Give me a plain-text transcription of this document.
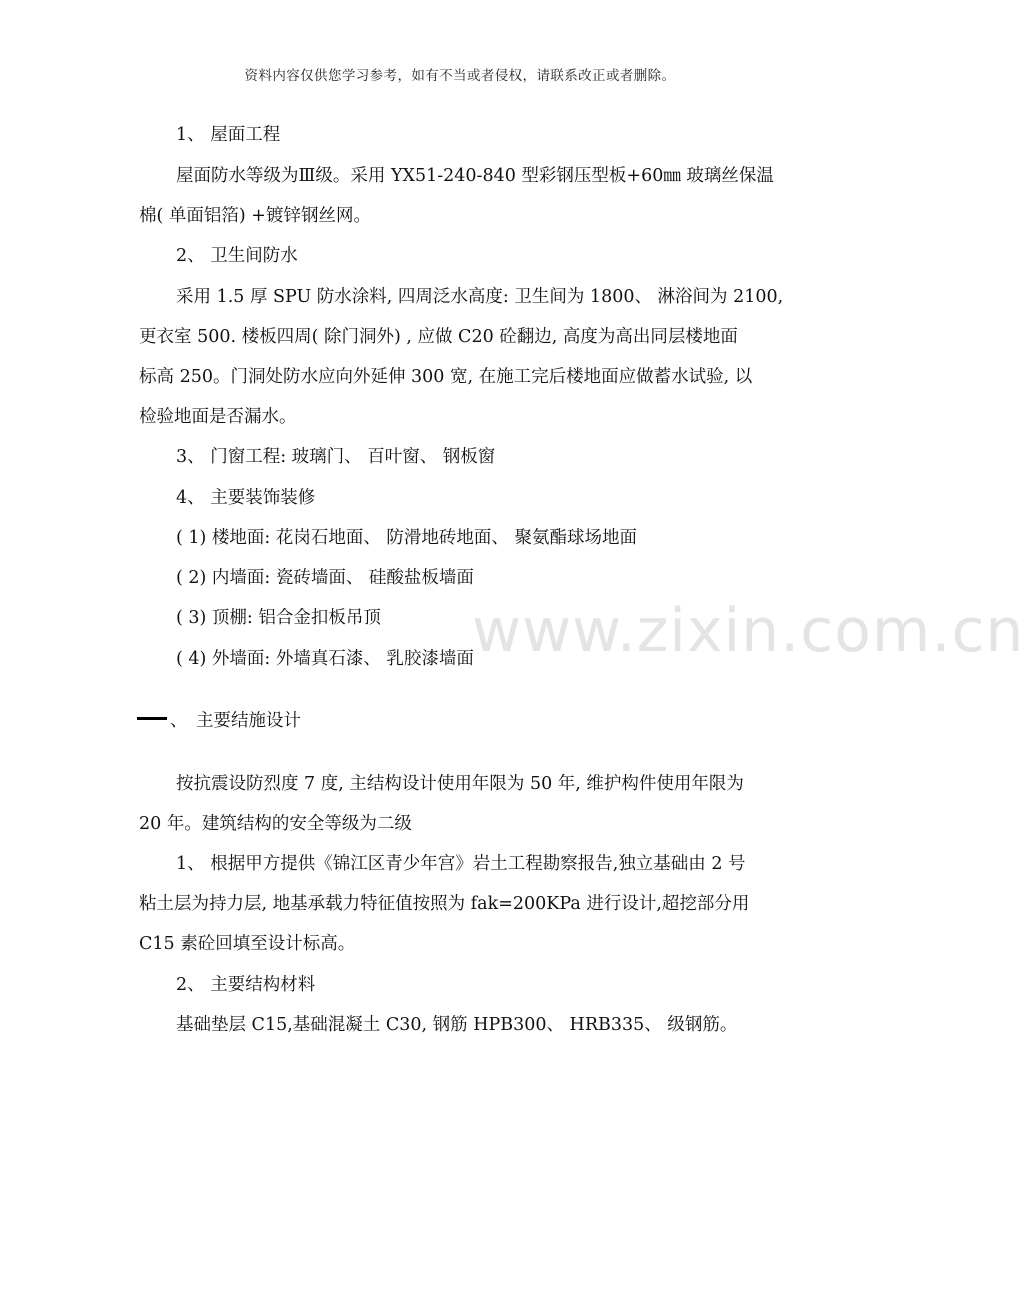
资料内容仅供您学习参考，如有不当或者侵权，请联系改正或者删除。
www.zixin.com.cn
1、 屋面工程
屋面防水等级为Ⅲ级。采用 YX51-240-840 型彩钢压型板+60㎜ 玻璃丝保温
棉( 单面铝箔) +镀锌钢丝网。
2、 卫生间防水
采用 1.5 厚 SPU 防水涂料, 四周泛水高度: 卫生间为 1800、 淋浴间为 2100,
更衣室 500. 楼板四周( 除门洞外) , 应做 C20 砼翻边, 高度为高出同层楼地面
标高 250。门洞处防水应向外延伸 300 宽, 在施工完后楼地面应做蓄水试验, 以
检验地面是否漏水。
3、 门窗工程: 玻璃门、 百叶窗、 钢板窗
4、 主要装饰装修
( 1) 楼地面: 花岗石地面、 防滑地砖地面、 聚氨酯球场地面
( 2) 内墙面: 瓷砖墙面、 硅酸盐板墙面
( 3) 顶棚: 铝合金扣板吊顶
( 4) 外墙面: 外墙真石漆、 乳胶漆墙面
、 主要结施设计
按抗震设防烈度 7 度, 主结构设计使用年限为 50 年, 维护构件使用年限为
20 年。建筑结构的安全等级为二级
1、 根据甲方提供《锦江区青少年宫》岩土工程勘察报告,独立基础由 2 号
粘土层为持力层, 地基承载力特征值按照为 fak=200KPa 进行设计,超挖部分用
C15 素砼回填至设计标高。
2、 主要结构材料
基础垫层 C15,基础混凝土 C30, 钢筋 HPB300、 HRB335、 级钢筋。
